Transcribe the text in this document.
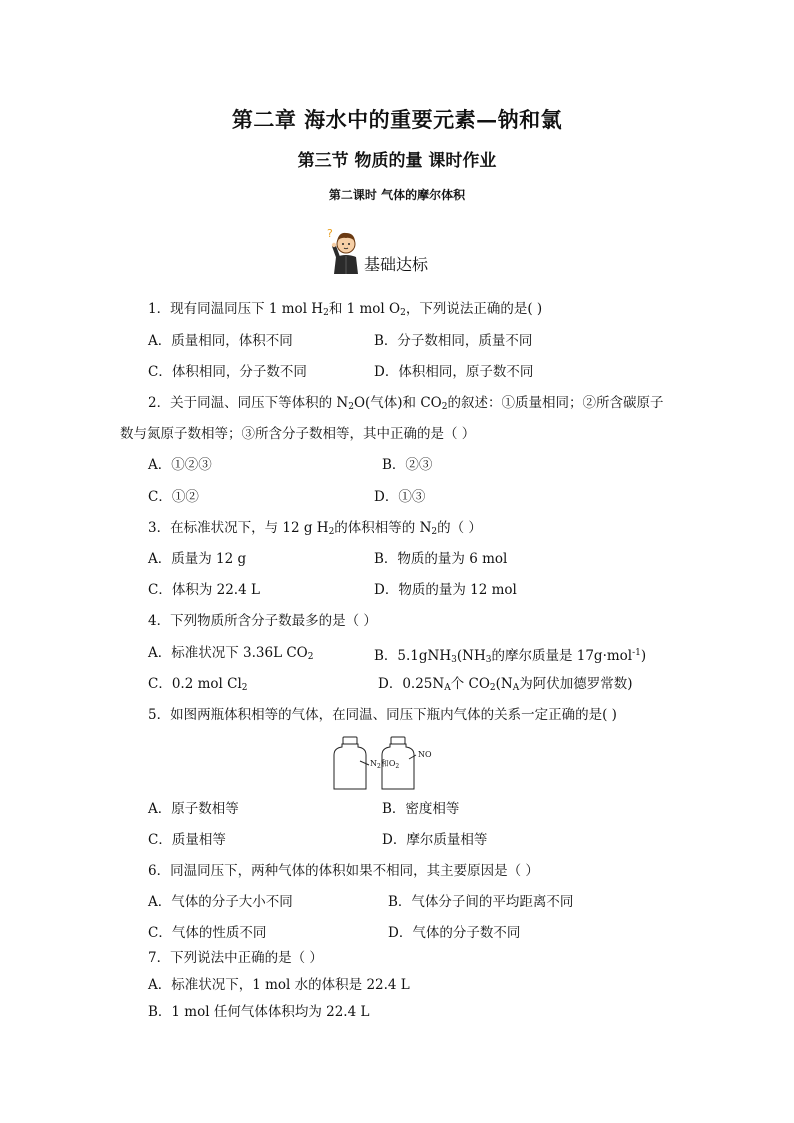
第二章 海水中的重要元素—钠和氯
第三节 物质的量 课时作业
第二课时 气体的摩尔体积
?
基础达标
1．现有同温同压下 1 mol $H_2$和 1 mol $O_2$，下列说法正确的是( )
A．质量相同，体积不同	B．分子数相同，质量不同
C．体积相同，分子数不同	D．体积相同，原子数不同
2．关于同温、同压下等体积的 $N_2O$(气体)和 $CO_2$的叙述：①质量相同；②所含碳原子
数与氮原子数相等；③所含分子数相等，其中正确的是（ ）
A．①②③	B．②③
C．①②	D．①③
3．在标准状况下，与 12 g $H_2$的体积相等的 $N_2$的（ ）
A．质量为 12 g	B．物质的量为 6 mol
C．体积为 22.4 L	D．物质的量为 12 mol
4．下列物质所含分子数最多的是（ ）
A．标准状况下 3.36L $CO_2$	B．$5.1gNH_3(NH_3$的摩尔质量是 17g·mol$^{-1}$)
C．0.2 mol $Cl_2$	D．$0.25N_A$个 $CO_2(N_A$为阿伏加德罗常数)
5．如图两瓶体积相等的气体，在同温、同压下瓶内气体的关系一定正确的是( )
$N_2$和$O_2$
NO
A．原子数相等	B．密度相等
C．质量相等	D．摩尔质量相等
6．同温同压下，两种气体的体积如果不相同，其主要原因是（ ）
A．气体的分子大小不同	B．气体分子间的平均距离不同
C．气体的性质不同	D．气体的分子数不同
7．下列说法中正确的是（ ）
A．标准状况下，1 mol 水的体积是 22.4 L
B．1 mol 任何气体体积均为 22.4 L
